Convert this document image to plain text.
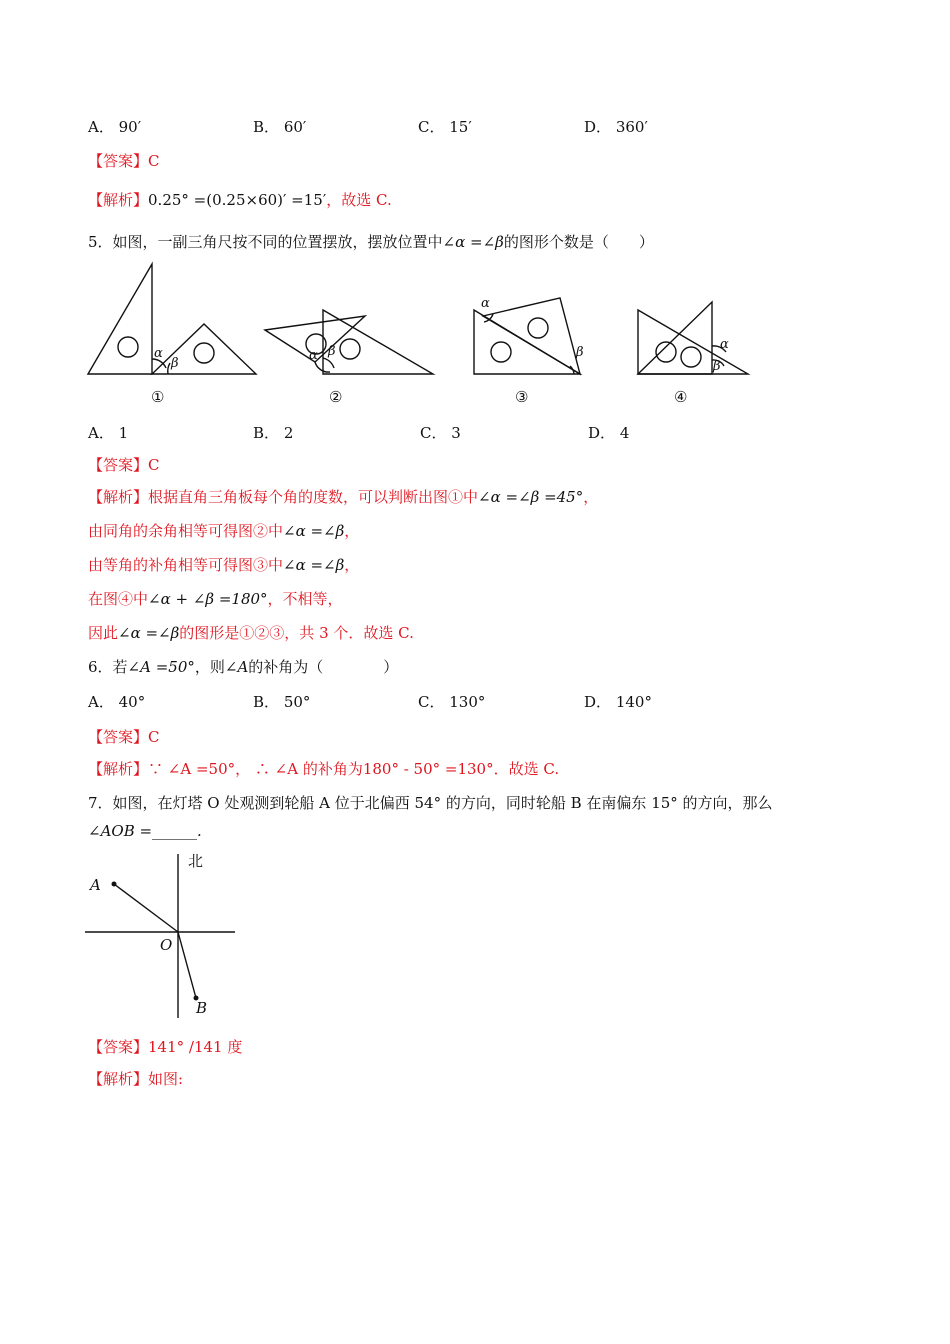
A． 90′	B． 60′	C． 15′	D． 360′
【答案】C
【解析】0.25° =(0.25×60)′ =15′，故选 C.
5．如图，一副三角尺按不同的位置摆放，摆放位置中∠α =∠β的图形个数是（　　）
α
β
α β
α
β
α
β
①	②	③	④
A． 1	B． 2	C． 3	D． 4
【答案】C
【解析】根据直角三角板每个角的度数，可以判断出图①中∠α =∠β =45°，
由同角的余角相等可得图②中∠α =∠β，
由等角的补角相等可得图③中∠α =∠β，
在图④中∠α + ∠β =180°，不相等，
因此∠α =∠β的图形是①②③，共 3 个．故选 C.
6．若∠A =50°，则∠A的补角为（　　　　）
A． 40°	B． 50°	C． 130°	D． 140°
【答案】C
【解析】∵ ∠A =50°， ∴ ∠A 的补角为180° - 50° =130°．故选 C.
7．如图，在灯塔 O 处观测到轮船 A 位于北偏西 54° 的方向，同时轮船 B 在南偏东 15° 的方向，那么
∠AOB =______.
北
A
O
B
【答案】141° /141 度
【解析】如图:
